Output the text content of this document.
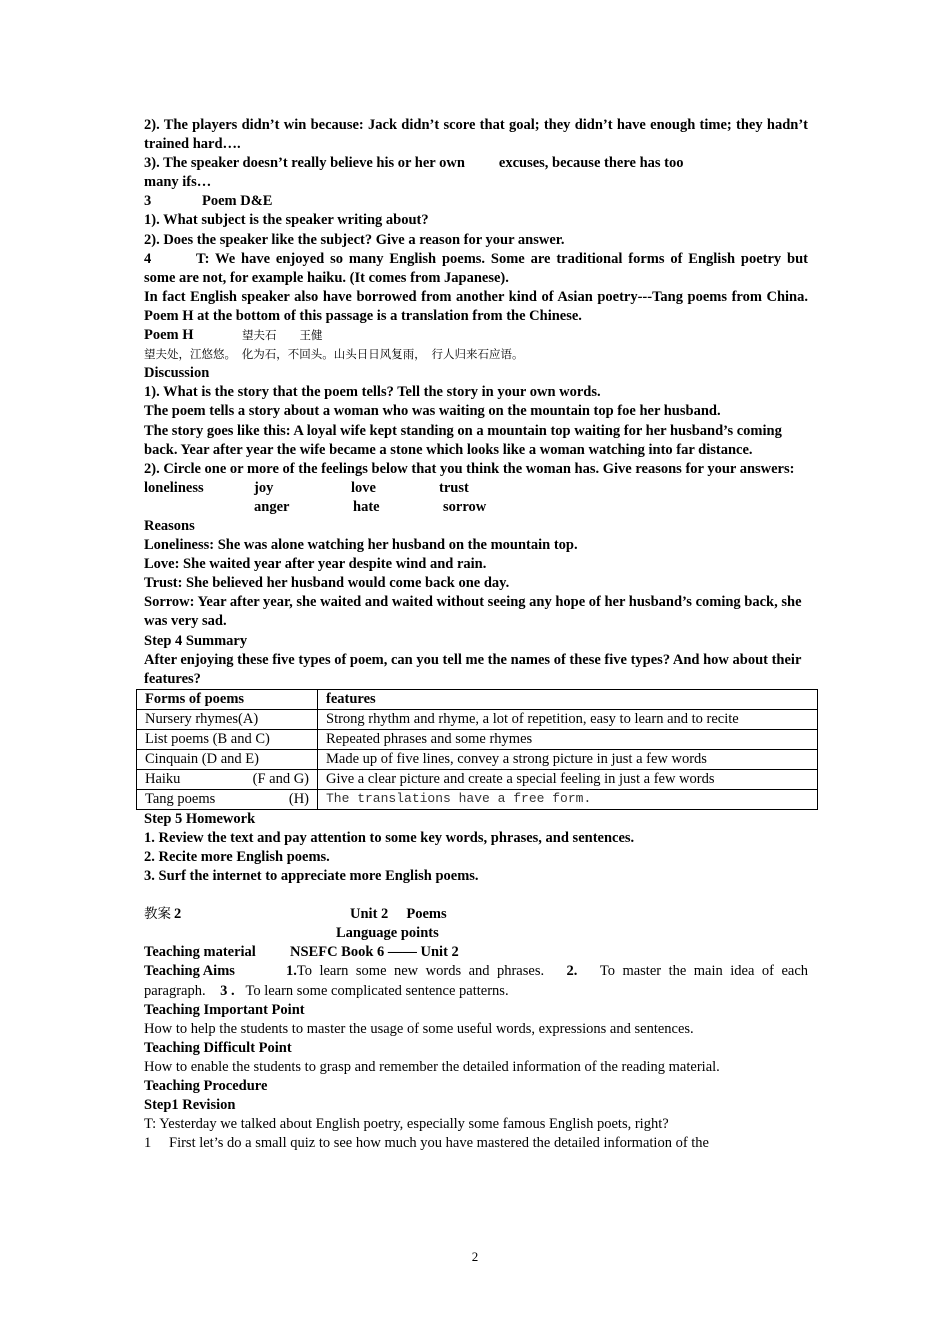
2). The players didn’t win because: Jack didn’t score that goal; they didn’t have enough time; they hadn’t trained hard….
3). The speaker doesn’t really believe his or her own excuses, because there has too
many ifs…
3	Poem D&E
1). What subject is the speaker writing about?
2). Does the speaker like the subject? Give a reason for your answer.
4	T: We have enjoyed so many English poems. Some are traditional forms of English poetry but some are not, for example haiku. (It comes from Japanese).
In fact English speaker also have borrowed from another kind of Asian poetry---Tang poems from China. Poem H at the bottom of this passage is a translation from the Chinese.
Poem H	望夫石　　王健
望夫处，江悠悠。　化为石，不回头。山头日日风复雨，　行人归来石应语。
Discussion
1). What is the story that the poem tells? Tell the story in your own words.
The poem tells a story about a woman who was waiting on the mountain top foe her husband.
The story goes like this: A loyal wife kept standing on a mountain top waiting for her husband’s coming back. Year after year the wife became a stone which looks like a woman watching into far distance.
2). Circle one or more of the feelings below that you think the woman has. Give reasons for your answers:
loneliness	joy	love	trust
anger	hate	sorrow
Reasons
Loneliness: She was alone watching her husband on the mountain top.
Love: She waited year after year despite wind and rain.
Trust: She believed her husband would come back one day.
Sorrow: Year after year, she waited and waited without seeing any hope of her husband’s coming back, she was very sad.
Step 4 Summary
After enjoying these five types of poem, can you tell me the names of these five types? And how about their features?
Forms of poems	features
Nursery rhymes(A)	Strong rhythm and rhyme, a lot of repetition, easy to learn and to recite
List poems (B and C)	Repeated phrases and some rhymes
Cinquain (D and E)	Made up of five lines, convey a strong picture in just a few words

Haiku (F and G)	Give a clear picture and create a special feeling in just a few words

Tang poems (H)	The translations have a free form.
Step 5 Homework
1. Review the text and pay attention to some key words, phrases, and sentences.
2. Recite more English poems.
3. Surf the internet to appreciate more English poems.
教案 2	Unit 2　 Poems
Language points
Teaching material	NSEFC Book 6 —— Unit 2
Teaching Aims	1.To learn some new words and phrases. 2. To master the main idea of each paragraph. 3 . To learn some complicated sentence patterns.
Teaching Important Point
How to help the students to master the usage of some useful words, expressions and sentences.
Teaching Difficult Point
How to enable the students to grasp and remember the detailed information of the reading material.
Teaching Procedure
Step1 Revision
T: Yesterday we talked about English poetry, especially some famous English poets, right?
1	First let’s do a small quiz to see how much you have mastered the detailed information of the
2
